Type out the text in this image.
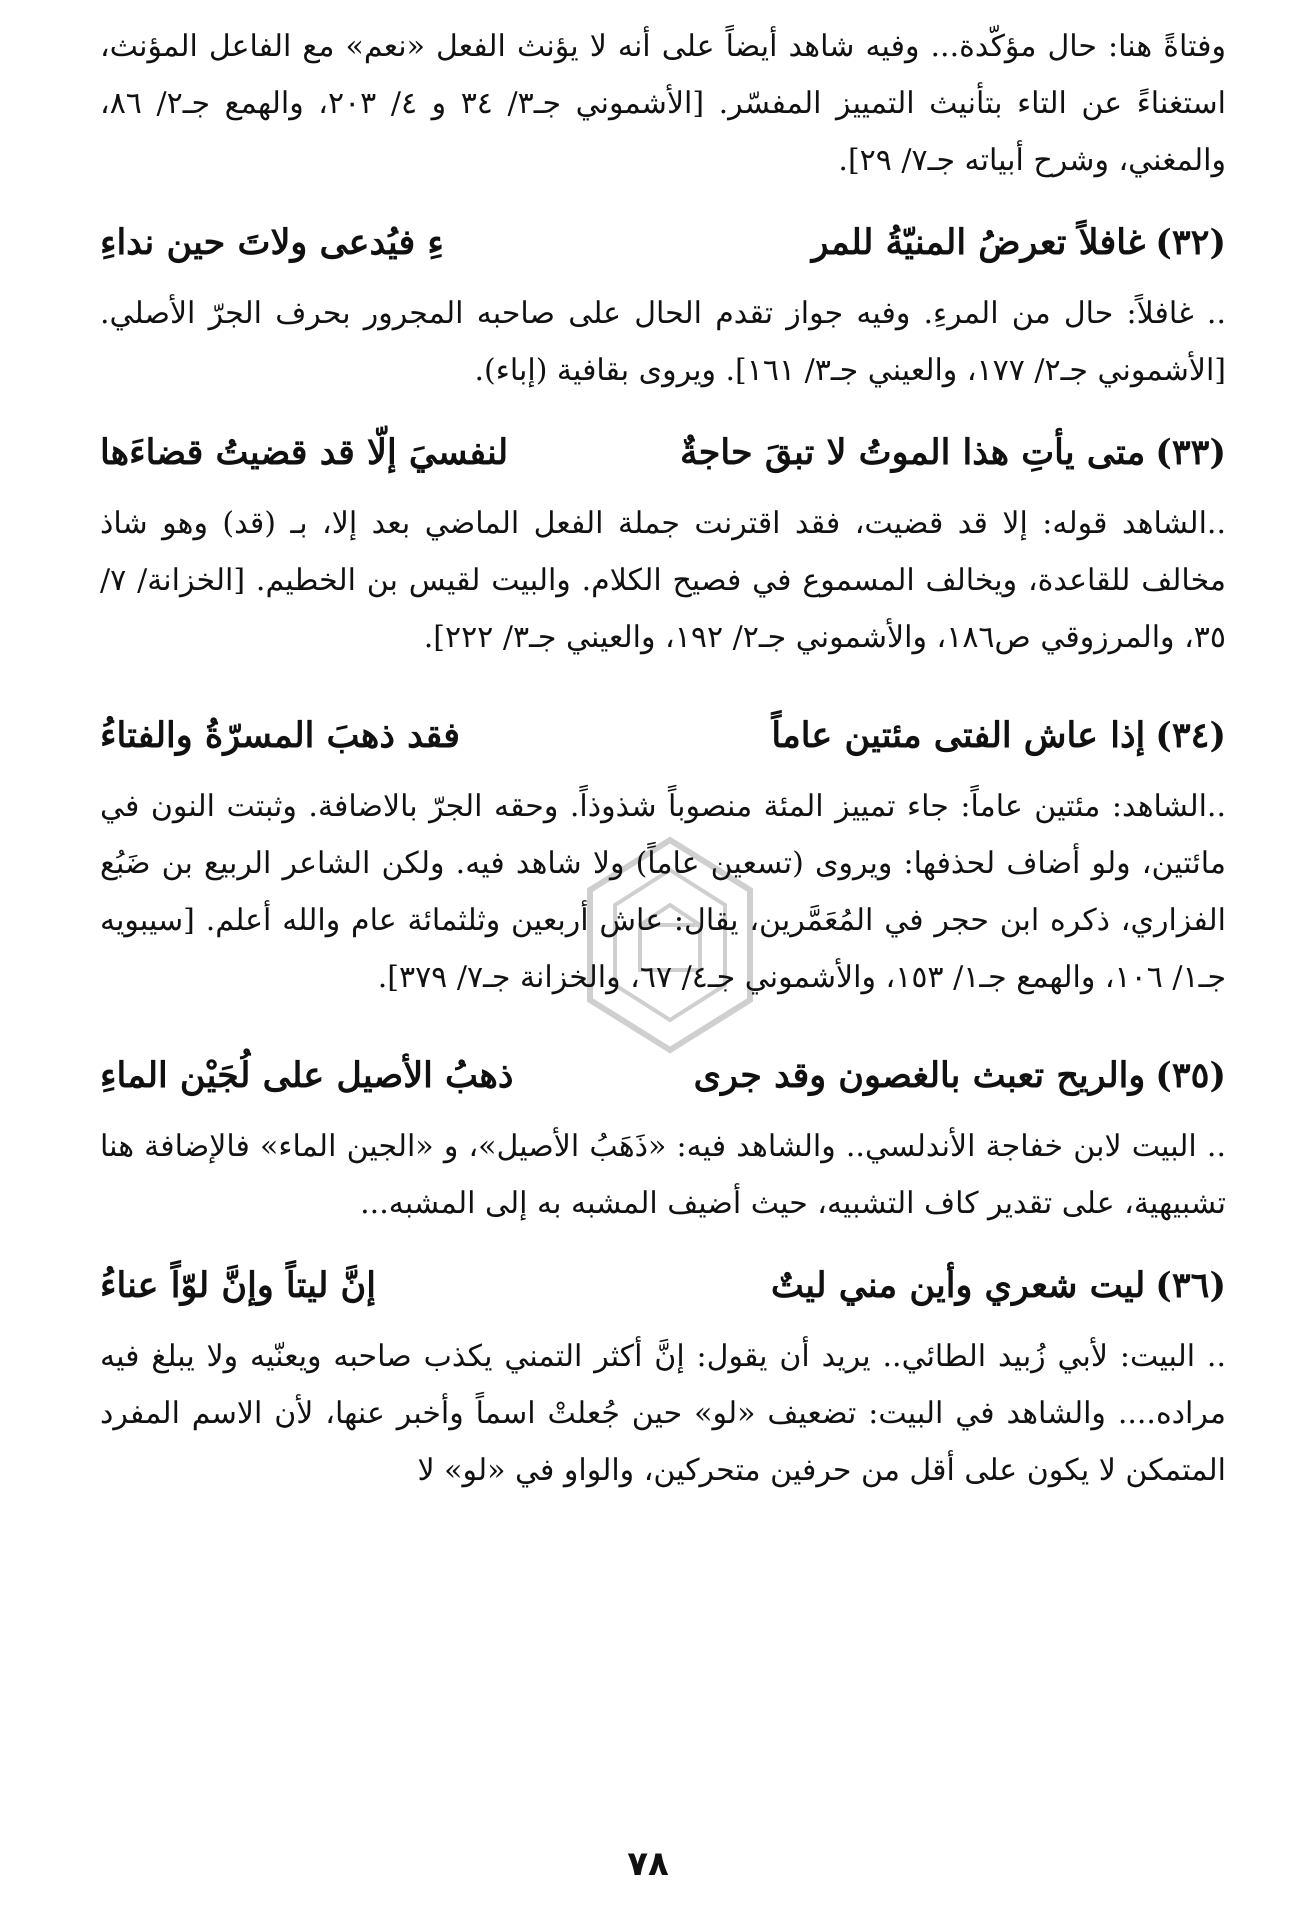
وفتاةً هنا: حال مؤكّدة... وفيه شاهد أيضاً على أنه لا يؤنث الفعل «نعم» مع الفاعل المؤنث، استغناءً عن التاء بتأنيث التمييز المفسّر. [الأشموني جـ٣/ ٣٤ و ٤/ ٢٠٣، والهمع جـ٢/ ٨٦، والمغني، وشرح أبياته جـ٧/ ٢٩].

(٣٢)
غافلاً تعرضُ المنيّةُ للمر
ءِ فيُدعى ولاتَ حين نداءِ

.. غافلاً: حال من المرءِ. وفيه جواز تقدم الحال على صاحبه المجرور بحرف الجرّ الأصلي. [الأشموني جـ٢/ ١٧٧، والعيني جـ٣/ ١٦١]. ويروى بقافية (إباء).

(٣٣)
متى يأتِ هذا الموتُ لا تبقَ حاجةٌ
لنفسيَ إلّا قد قضيتُ قضاءَها

..الشاهد قوله: إلا قد قضيت، فقد اقترنت جملة الفعل الماضي بعد إلا، بـ (قد) وهو شاذ مخالف للقاعدة، ويخالف المسموع في فصيح الكلام. والبيت لقيس بن الخطيم. [الخزانة/ ٧/ ٣٥، والمرزوقي ص١٨٦، والأشموني جـ٢/ ١٩٢، والعيني جـ٣/ ٢٢٢].

(٣٤)
إذا عاش الفتى مئتين عاماً
فقد ذهبَ المسرّةُ والفتاءُ

..الشاهد: مئتين عاماً: جاء تمييز المئة منصوباً شذوذاً. وحقه الجرّ بالاضافة. وثبتت النون في مائتين، ولو أضاف لحذفها: ويروى (تسعين عاماً) ولا شاهد فيه. ولكن الشاعر الربيع بن ضَبُع الفزاري، ذكره ابن حجر في المُعَمَّرين، يقال: عاش أربعين وثلثمائة عام والله أعلم. [سيبويه جـ١/ ١٠٦، والهمع جـ١/ ١٥٣، والأشموني جـ٤/ ٦٧، والخزانة جـ٧/ ٣٧٩].

(٣٥)
والريح تعبث بالغصون وقد جرى
ذهبُ الأصيل على لُجَيْن الماءِ

.. البيت لابن خفاجة الأندلسي.. والشاهد فيه: «ذَهَبُ الأصيل»، و «الجين الماء» فالإضافة هنا تشبيهية، على تقدير كاف التشبيه، حيث أضيف المشبه به إلى المشبه...

(٣٦)
ليت شعري وأين مني ليتٌ
إنَّ ليتاً وإنَّ لوّاً عناءُ

.. البيت: لأبي زُبيد الطائي.. يريد أن يقول: إنَّ أكثر التمني يكذب صاحبه ويعنّيه ولا يبلغ فيه مراده.... والشاهد في البيت: تضعيف «لو» حين جُعلتْ اسماً وأخبر عنها، لأن الاسم المفرد المتمكن لا يكون على أقل من حرفين متحركين، والواو في «لو» لا

٧٨
